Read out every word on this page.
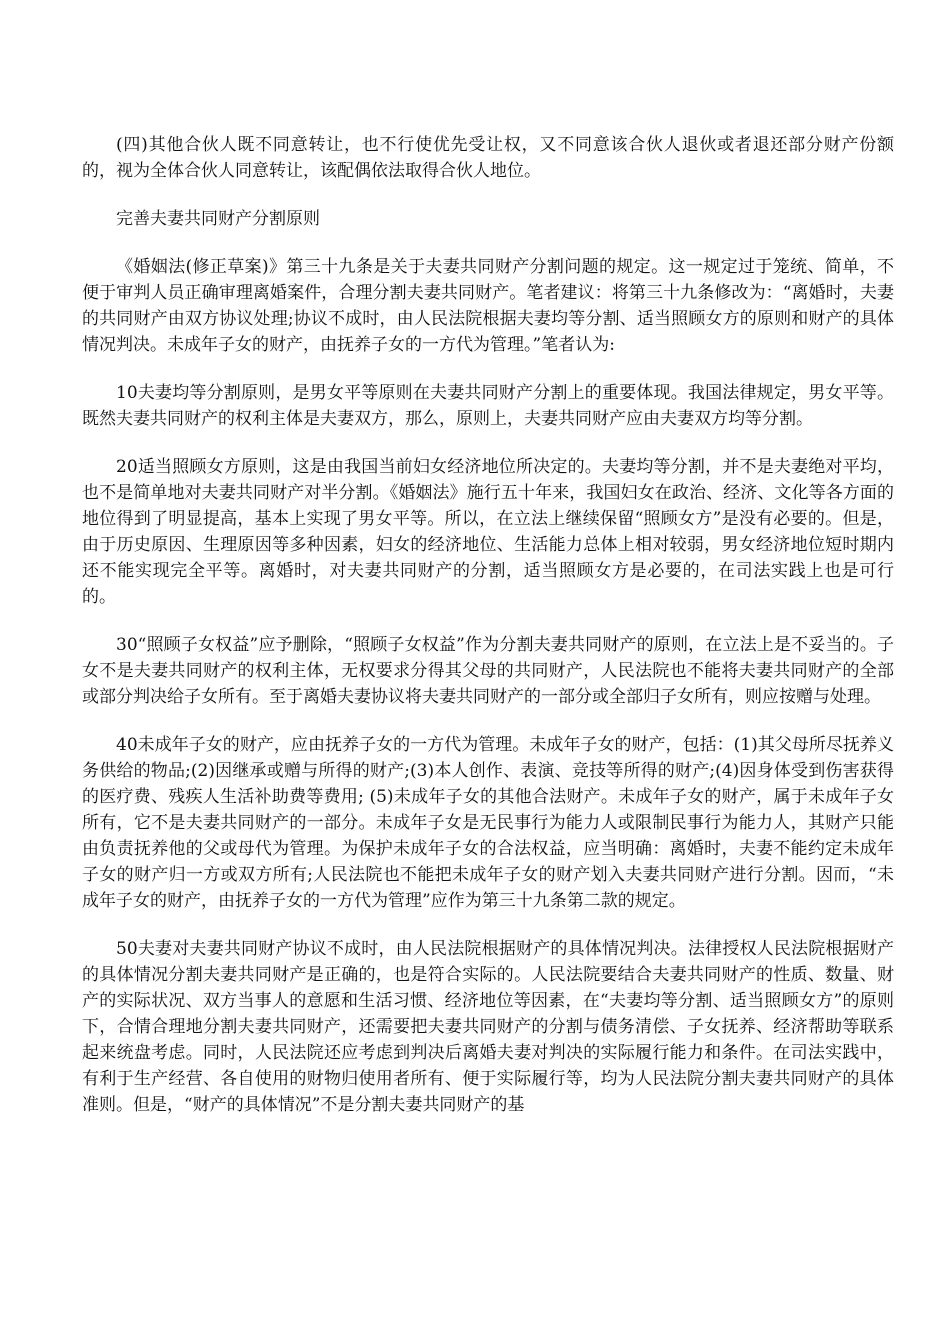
(四)其他合伙人既不同意转让，也不行使优先受让权，又不同意该合伙人退伙或者退还部分财产份额的，视为全体合伙人同意转让，该配偶依法取得合伙人地位。

完善夫妻共同财产分割原则

《婚姻法(修正草案)》第三十九条是关于夫妻共同财产分割问题的规定。这一规定过于笼统、简单，不便于审判人员正确审理离婚案件，合理分割夫妻共同财产。笔者建议：将第三十九条修改为：“离婚时，夫妻的共同财产由双方协议处理;协议不成时，由人民法院根据夫妻均等分割、适当照顾女方的原则和财产的具体情况判决。未成年子女的财产，由抚养子女的一方代为管理。”笔者认为:

10夫妻均等分割原则，是男女平等原则在夫妻共同财产分割上的重要体现。我国法律规定，男女平等。既然夫妻共同财产的权利主体是夫妻双方，那么，原则上，夫妻共同财产应由夫妻双方均等分割。

20适当照顾女方原则，这是由我国当前妇女经济地位所决定的。夫妻均等分割，并不是夫妻绝对平均，也不是简单地对夫妻共同财产对半分割。《婚姻法》施行五十年来，我国妇女在政治、经济、文化等各方面的地位得到了明显提高，基本上实现了男女平等。所以，在立法上继续保留“照顾女方”是没有必要的。但是，由于历史原因、生理原因等多种因素，妇女的经济地位、生活能力总体上相对较弱，男女经济地位短时期内还不能实现完全平等。离婚时，对夫妻共同财产的分割，适当照顾女方是必要的，在司法实践上也是可行的。

30“照顾子女权益”应予删除，“照顾子女权益”作为分割夫妻共同财产的原则，在立法上是不妥当的。子女不是夫妻共同财产的权利主体，无权要求分得其父母的共同财产，人民法院也不能将夫妻共同财产的全部或部分判决给子女所有。至于离婚夫妻协议将夫妻共同财产的一部分或全部归子女所有，则应按赠与处理。

40未成年子女的财产，应由抚养子女的一方代为管理。未成年子女的财产，包括：(1)其父母所尽抚养义务供给的物品;(2)因继承或赠与所得的财产;(3)本人创作、表演、竞技等所得的财产;(4)因身体受到伤害获得的医疗费、残疾人生活补助费等费用; (5)未成年子女的其他合法财产。未成年子女的财产，属于未成年子女所有，它不是夫妻共同财产的一部分。未成年子女是无民事行为能力人或限制民事行为能力人，其财产只能由负责抚养他的父或母代为管理。为保护未成年子女的合法权益，应当明确：离婚时，夫妻不能约定未成年子女的财产归一方或双方所有;人民法院也不能把未成年子女的财产划入夫妻共同财产进行分割。因而，“未成年子女的财产，由抚养子女的一方代为管理”应作为第三十九条第二款的规定。

50夫妻对夫妻共同财产协议不成时，由人民法院根据财产的具体情况判决。法律授权人民法院根据财产的具体情况分割夫妻共同财产是正确的，也是符合实际的。人民法院要结合夫妻共同财产的性质、数量、财产的实际状况、双方当事人的意愿和生活习惯、经济地位等因素，在“夫妻均等分割、适当照顾女方”的原则下，合情合理地分割夫妻共同财产，还需要把夫妻共同财产的分割与债务清偿、子女抚养、经济帮助等联系起来统盘考虑。同时，人民法院还应考虑到判决后离婚夫妻对判决的实际履行能力和条件。在司法实践中，有利于生产经营、各自使用的财物归使用者所有、便于实际履行等，均为人民法院分割夫妻共同财产的具体准则。但是，“财产的具体情况”不是分割夫妻共同财产的基
